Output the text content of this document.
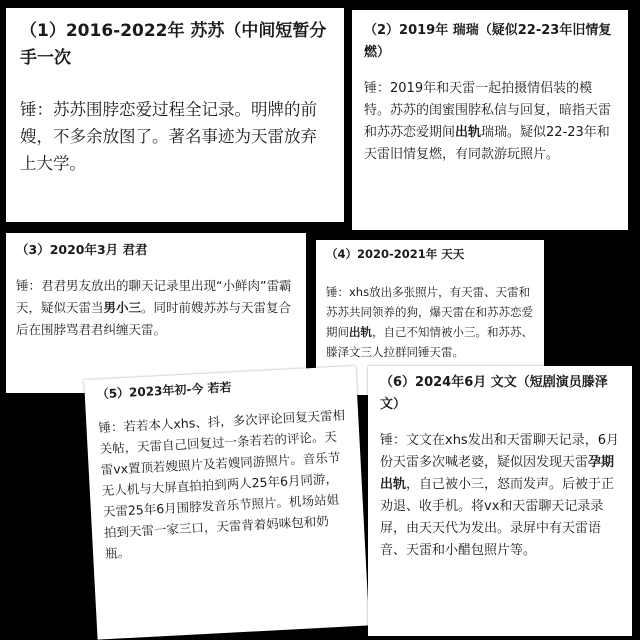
（1）2016-2022年 苏苏（中间短暂分手一次

锤：苏苏围脖恋爱过程全记录。明牌的前嫂，不多余放图了。著名事迹为天雷放弃上大学。

（2）2019年 瑞瑞（疑似22-23年旧情复燃）

锤：2019年和天雷一起拍摄情侣装的模特。苏苏的闺蜜围脖私信与回复，暗指天雷和苏苏恋爱期间出轨瑞瑞。疑似22-23年和天雷旧情复燃，有同款游玩照片。

（3）2020年3月 君君

锤：君君男友放出的聊天记录里出现“小鲜肉”雷霸天，疑似天雷当男小三。同时前嫂苏苏与天雷复合后在围脖骂君君纠缠天雷。

（4）2020-2021年 天天

锤：xhs放出多张照片，有天雷、天雷和苏苏共同领养的狗，爆天雷在和苏苏恋爱期间出轨，自己不知情被小三。和苏苏、滕泽文三人拉群同锤天雷。

（5）2023年初-今 若若

锤：若若本人xhs、抖，多次评论回复天雷相关帖，天雷自己回复过一条若若的评论。天雷vx置顶若嫂照片及若嫂同游照片。音乐节无人机与大屏直拍拍到两人25年6月同游，天雷25年6月围脖发音乐节照片。机场站姐拍到天雷一家三口，天雷背着妈咪包和奶瓶。

（6）2024年6月 文文（短剧演员滕泽文）

锤：文文在xhs发出和天雷聊天记录，6月份天雷多次喊老婆，疑似因发现天雷孕期出轨，自己被小三，怒而发声。后被于正劝退、收手机。将vx和天雷聊天记录录屏，由天天代为发出。录屏中有天雷语音、天雷和小醋包照片等。
